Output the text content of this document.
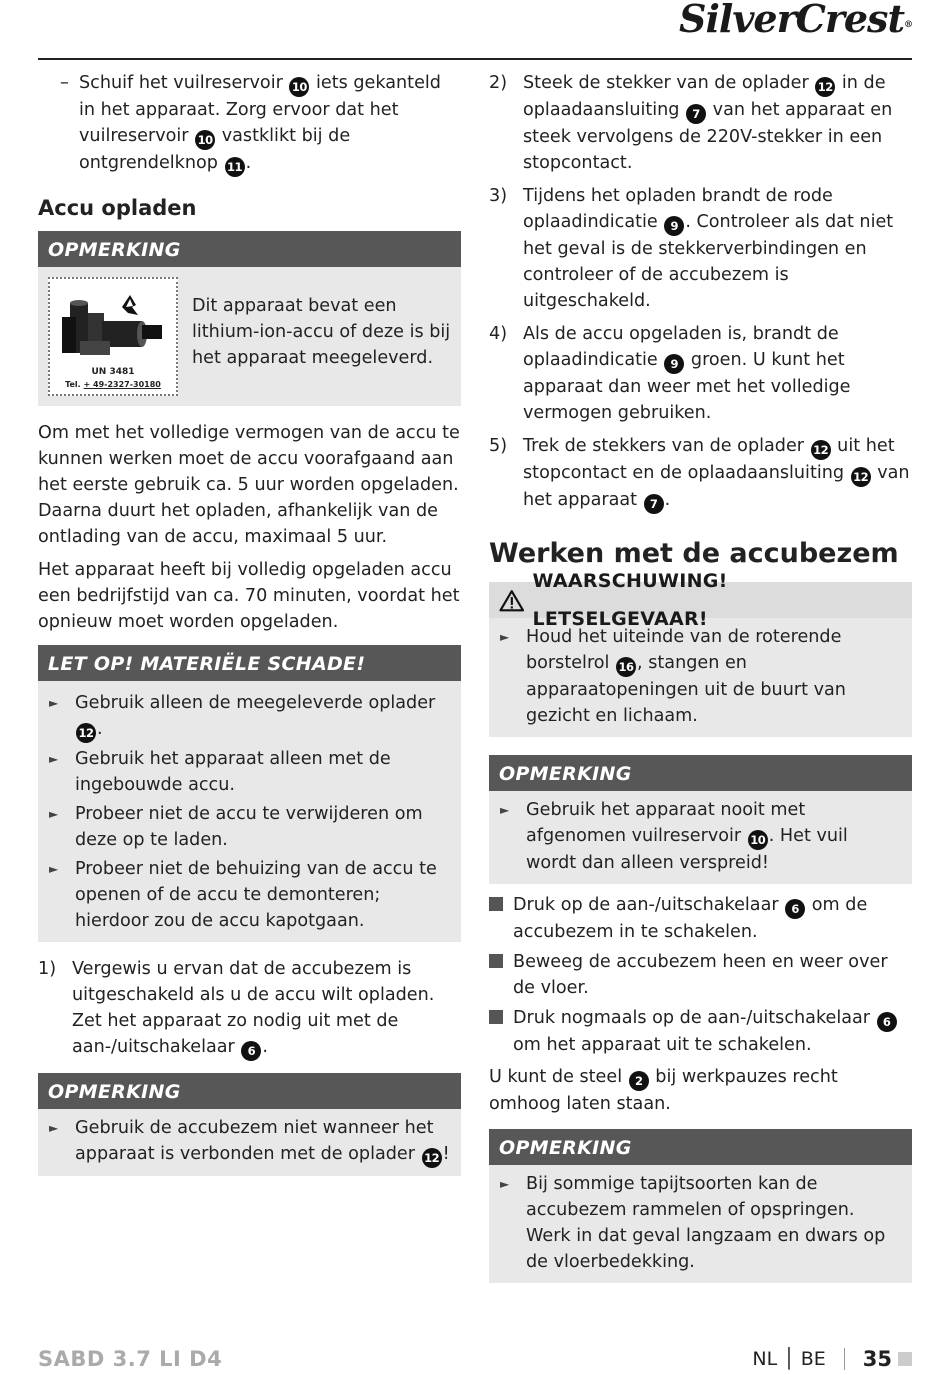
SilverCrest®
– Schuif het vuilreservoir 10 iets gekanteld in het apparaat. Zorg ervoor dat het vuilreservoir 10 vastklikt bij de ontgrendelknop 11 .
Accu opladen
OPMERKING
UN 3481
Tel. + 49-2327-30180
Dit apparaat bevat een lithium-ion-accu of deze is bij het apparaat meegeleverd.

Om met het volledige vermogen van de accu te kunnen werken moet de accu voorafgaand aan het eerste gebruik ca. 5 uur worden opgeladen. Daarna duurt het opladen, afhankelijk van de ontlading van de accu, maximaal 5 uur.

Het apparaat heeft bij volledig opgeladen accu een bedrijfstijd van ca. 70 minuten, voordat het opnieuw moet worden opgeladen.

LET OP! MATERIËLE SCHADE!
► Gebruik alleen de meegeleverde oplader 12 .
► Gebruik het apparaat alleen met de ingebouwde accu.
► Probeer niet de accu te verwijderen om deze op te laden.
► Probeer niet de behuizing van de accu te openen of de accu te demonteren; hierdoor zou de accu kapotgaan.
1) Vergewis u ervan dat de accubezem is uitgeschakeld als u de accu wilt opladen. Zet het apparaat zo nodig uit met de aan-/uitschakelaar 6 .
OPMERKING
► Gebruik de accubezem niet wanneer het apparaat is verbonden met de oplader 12 !
2) Steek de stekker van de oplader 12 in de oplaadaansluiting 7 van het apparaat en steek vervolgens de 220V-stekker in een stopcontact.
3) Tijdens het opladen brandt de rode oplaadindicatie 9 . Controleer als dat niet het geval is de stekkerverbindingen en controleer of de accubezem is uitgeschakeld.
4) Als de accu opgeladen is, brandt de oplaadindicatie 9 groen. U kunt het apparaat dan weer met het volledige vermogen gebruiken.
5) Trek de stekkers van de oplader 12 uit het stopcontact en de oplaadaansluiting 12 van het apparaat 7 .
Werken met de accubezem
WAARSCHUWING! LETSELGEVAAR!
► Houd het uiteinde van de roterende borstelrol 16 , stangen en apparaatopeningen uit de buurt van gezicht en lichaam.
OPMERKING
► Gebruik het apparaat nooit met afgenomen vuilreservoir 10 . Het vuil wordt dan alleen verspreid!
Druk op de aan-/uitschakelaar 6 om de accubezem in te schakelen.
Beweeg de accubezem heen en weer over de vloer.
Druk nogmaals op de aan-/uitschakelaar 6 om het apparaat uit te schakelen.

U kunt de steel 2 bij werkpauzes recht omhoog laten staan.

OPMERKING
► Bij sommige tapijtsoorten kan de accubezem rammelen of opspringen. Werk in dat geval langzaam en dwars op de vloerbedekking.
SABD 3.7 LI D4	NL │ BE 35
